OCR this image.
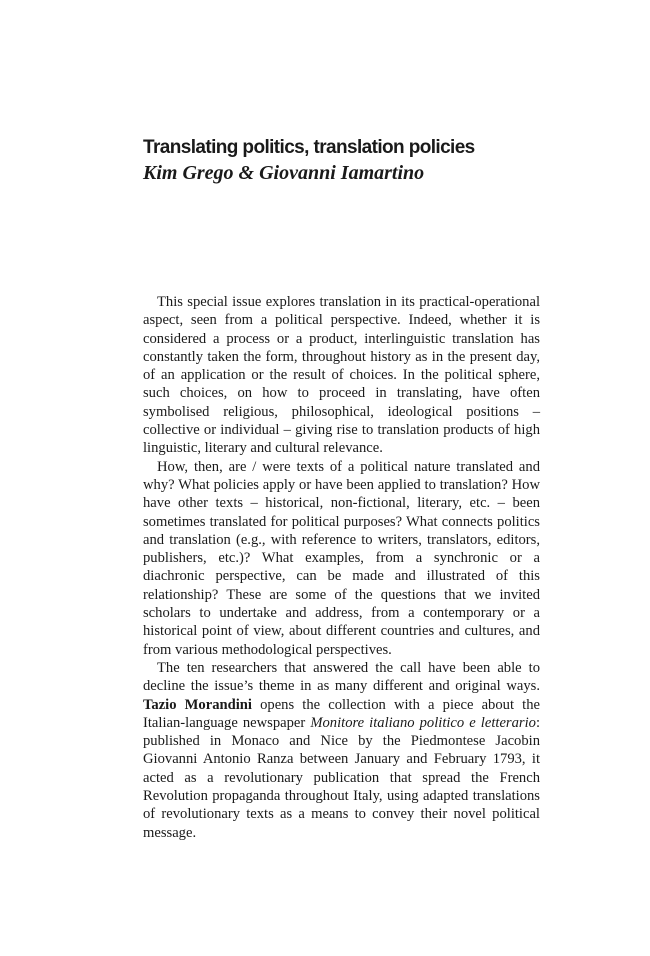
Translating politics, translation policies
Kim Grego & Giovanni Iamartino

This special issue explores translation in its practical-operational aspect, seen from a political perspective. Indeed, whether it is considered a process or a product, interlinguistic translation has constantly taken the form, throughout history as in the present day, of an application or the result of choices. In the political sphere, such choices, on how to proceed in translating, have often symbolised religious, philosophical, ideological positions – collective or individual – giving rise to translation products of high linguistic, literary and cultural relevance.

How, then, are / were texts of a political nature translated and why? What policies apply or have been applied to translation? How have other texts – historical, non-fictional, literary, etc. – been sometimes translated for political purposes? What connects politics and translation (e.g., with reference to writers, translators, editors, publishers, etc.)? What examples, from a synchronic or a diachronic perspective, can be made and illustrated of this relationship? These are some of the questions that we invited scholars to undertake and address, from a contemporary or a historical point of view, about different countries and cultures, and from various methodological perspectives.

The ten researchers that answered the call have been able to decline the issue’s theme in as many different and original ways. Tazio Morandini opens the collection with a piece about the Italian-language newspaper Monitore italiano politico e letterario: published in Monaco and Nice by the Piedmontese Jacobin Giovanni Antonio Ranza between January and February 1793, it acted as a revolutionary publication that spread the French Revolution propaganda throughout Italy, using adapted translations of revolutionary texts as a means to convey their novel political message.
